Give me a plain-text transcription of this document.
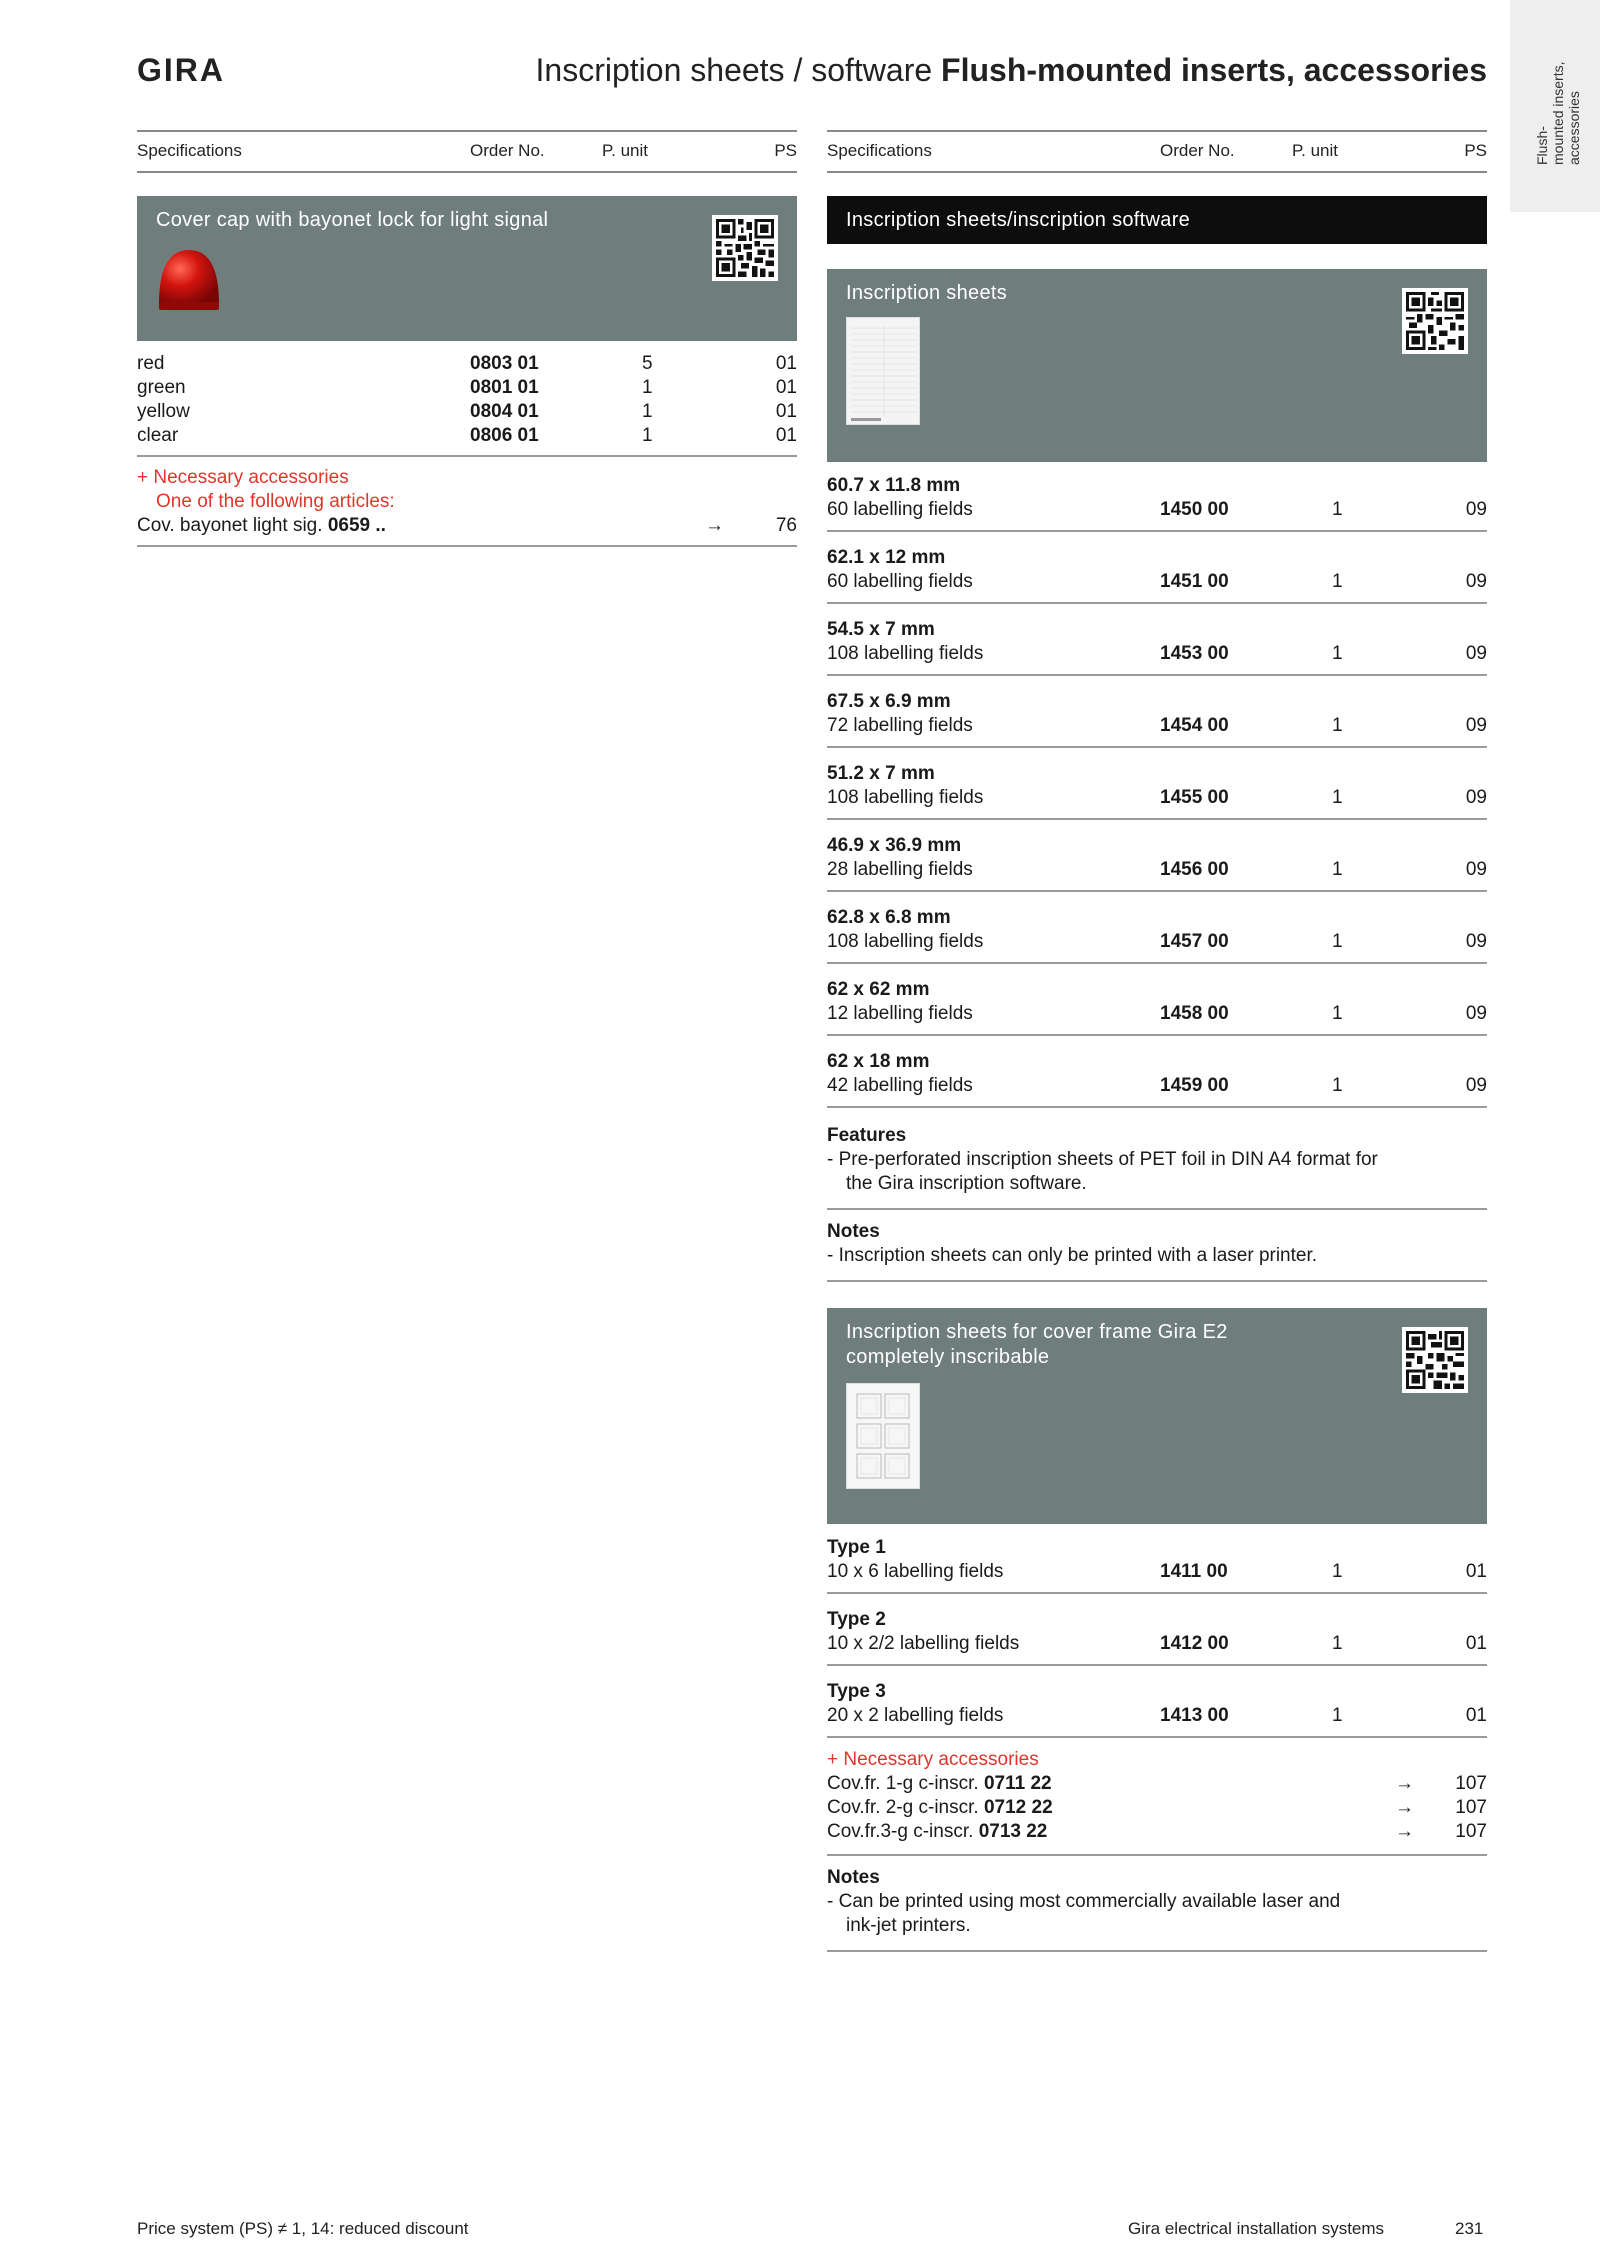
GIRA	Inscription sheets / software Flush-mounted inserts, accessories
Flush- mounted inserts, accessories
Specifications	Order No.	P. unit	PS
Cover cap with bayonet lock for light signal
red	0803 01	5	01
green	0801 01	1	01
yellow	0804 01	1	01
clear	0806 01	1	01
+ Necessary accessories
One of the following articles:
Cov. bayonet light sig. 0659 ..	→	76
Specifications	Order No.	P. unit	PS
Inscription sheets/inscription software
Inscription sheets
60.7 x 11.8 mm
60 labelling fields	1450 00	1	09
62.1 x 12 mm
60 labelling fields	1451 00	1	09
54.5 x 7 mm
108 labelling fields	1453 00	1	09
67.5 x 6.9 mm
72 labelling fields	1454 00	1	09
51.2 x 7 mm
108 labelling fields	1455 00	1	09
46.9 x 36.9 mm
28 labelling fields	1456 00	1	09
62.8 x 6.8 mm
108 labelling fields	1457 00	1	09
62 x 62 mm
12 labelling fields	1458 00	1	09
62 x 18 mm
42 labelling fields	1459 00	1	09
Features
- Pre-perforated inscription sheets of PET foil in DIN A4 format for
the Gira inscription software.
Notes
- Inscription sheets can only be printed with a laser printer.
Inscription sheets for cover frame Gira E2
completely inscribable
Type 1
10 x 6 labelling fields	1411 00	1	01
Type 2
10 x 2/2 labelling fields	1412 00	1	01
Type 3
20 x 2 labelling fields	1413 00	1	01
+ Necessary accessories
Cov.fr. 1-g c-inscr. 0711 22	→ 107
Cov.fr. 2-g c-inscr. 0712 22	→ 107
Cov.fr.3-g c-inscr. 0713 22	→ 107
Notes
- Can be printed using most commercially available laser and
ink-jet printers.
Price system (PS) ≠ 1, 14: reduced discount	Gira electrical installation systems	231
